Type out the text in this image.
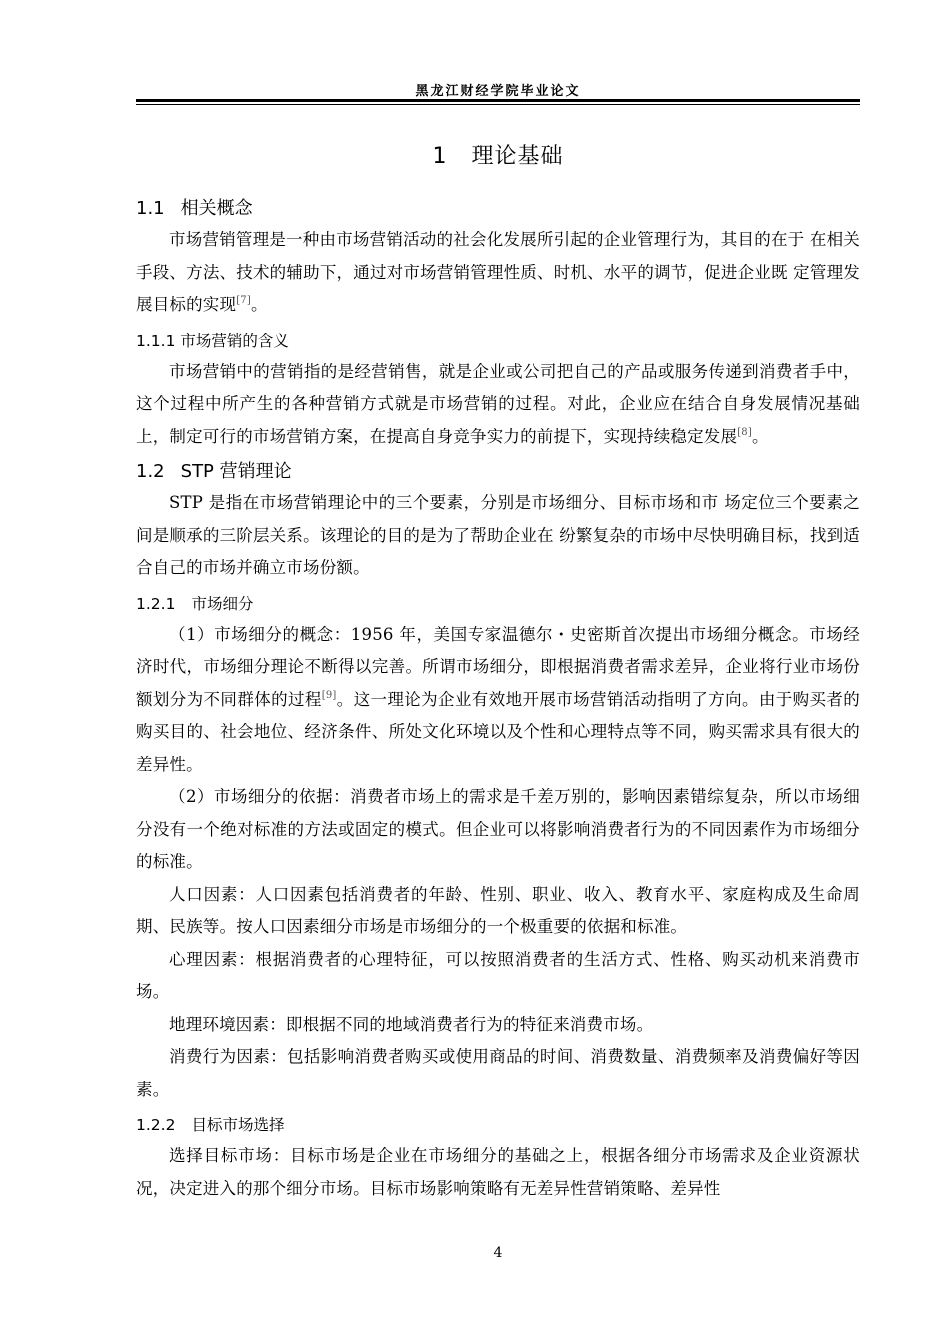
黑龙江财经学院毕业论文
1 理论基础
1.1 相关概念

市场营销管理是一种由市场营销活动的社会化发展所引起的企业管理行为，其目的在于 在相关手段、方法、技术的辅助下，通过对市场营销管理性质、时机、水平的调节，促进企业既 定管理发展目标的实现[7]。

1.1.1 市场营销的含义

市场营销中的营销指的是经营销售，就是企业或公司把自己的产品或服务传递到消费者手中，这个过程中所产生的各种营销方式就是市场营销的过程。对此，企业应在结合自身发展情况基础上，制定可行的市场营销方案，在提高自身竞争实力的前提下，实现持续稳定发展[8]。

1.2 STP 营销理论

STP 是指在市场营销理论中的三个要素，分别是市场细分、目标市场和市 场定位三个要素之间是顺承的三阶层关系。该理论的目的是为了帮助企业在 纷繁复杂的市场中尽快明确目标，找到适合自己的市场并确立市场份额。

1.2.1 市场细分

（1）市场细分的概念：1956 年，美国专家温德尔・史密斯首次提出市场细分概念。市场经济时代，市场细分理论不断得以完善。所谓市场细分，即根据消费者需求差异，企业将行业市场份额划分为不同群体的过程[9]。这一理论为企业有效地开展市场营销活动指明了方向。由于购买者的购买目的、社会地位、经济条件、所处文化环境以及个性和心理特点等不同，购买需求具有很大的差异性。

（2）市场细分的依据：消费者市场上的需求是千差万别的，影响因素错综复杂，所以市场细分没有一个绝对标准的方法或固定的模式。但企业可以将影响消费者行为的不同因素作为市场细分的标准。

人口因素：人口因素包括消费者的年龄、性别、职业、收入、教育水平、家庭构成及生命周期、民族等。按人口因素细分市场是市场细分的一个极重要的依据和标准。

心理因素：根据消费者的心理特征，可以按照消费者的生活方式、性格、购买动机来消费市场。

地理环境因素：即根据不同的地域消费者行为的特征来消费市场。

消费行为因素：包括影响消费者购买或使用商品的时间、消费数量、消费频率及消费偏好等因素。

1.2.2 目标市场选择

选择目标市场：目标市场是企业在市场细分的基础之上，根据各细分市场需求及企业资源状况，决定进入的那个细分市场。目标市场影响策略有无差异性营销策略、差异性

4
